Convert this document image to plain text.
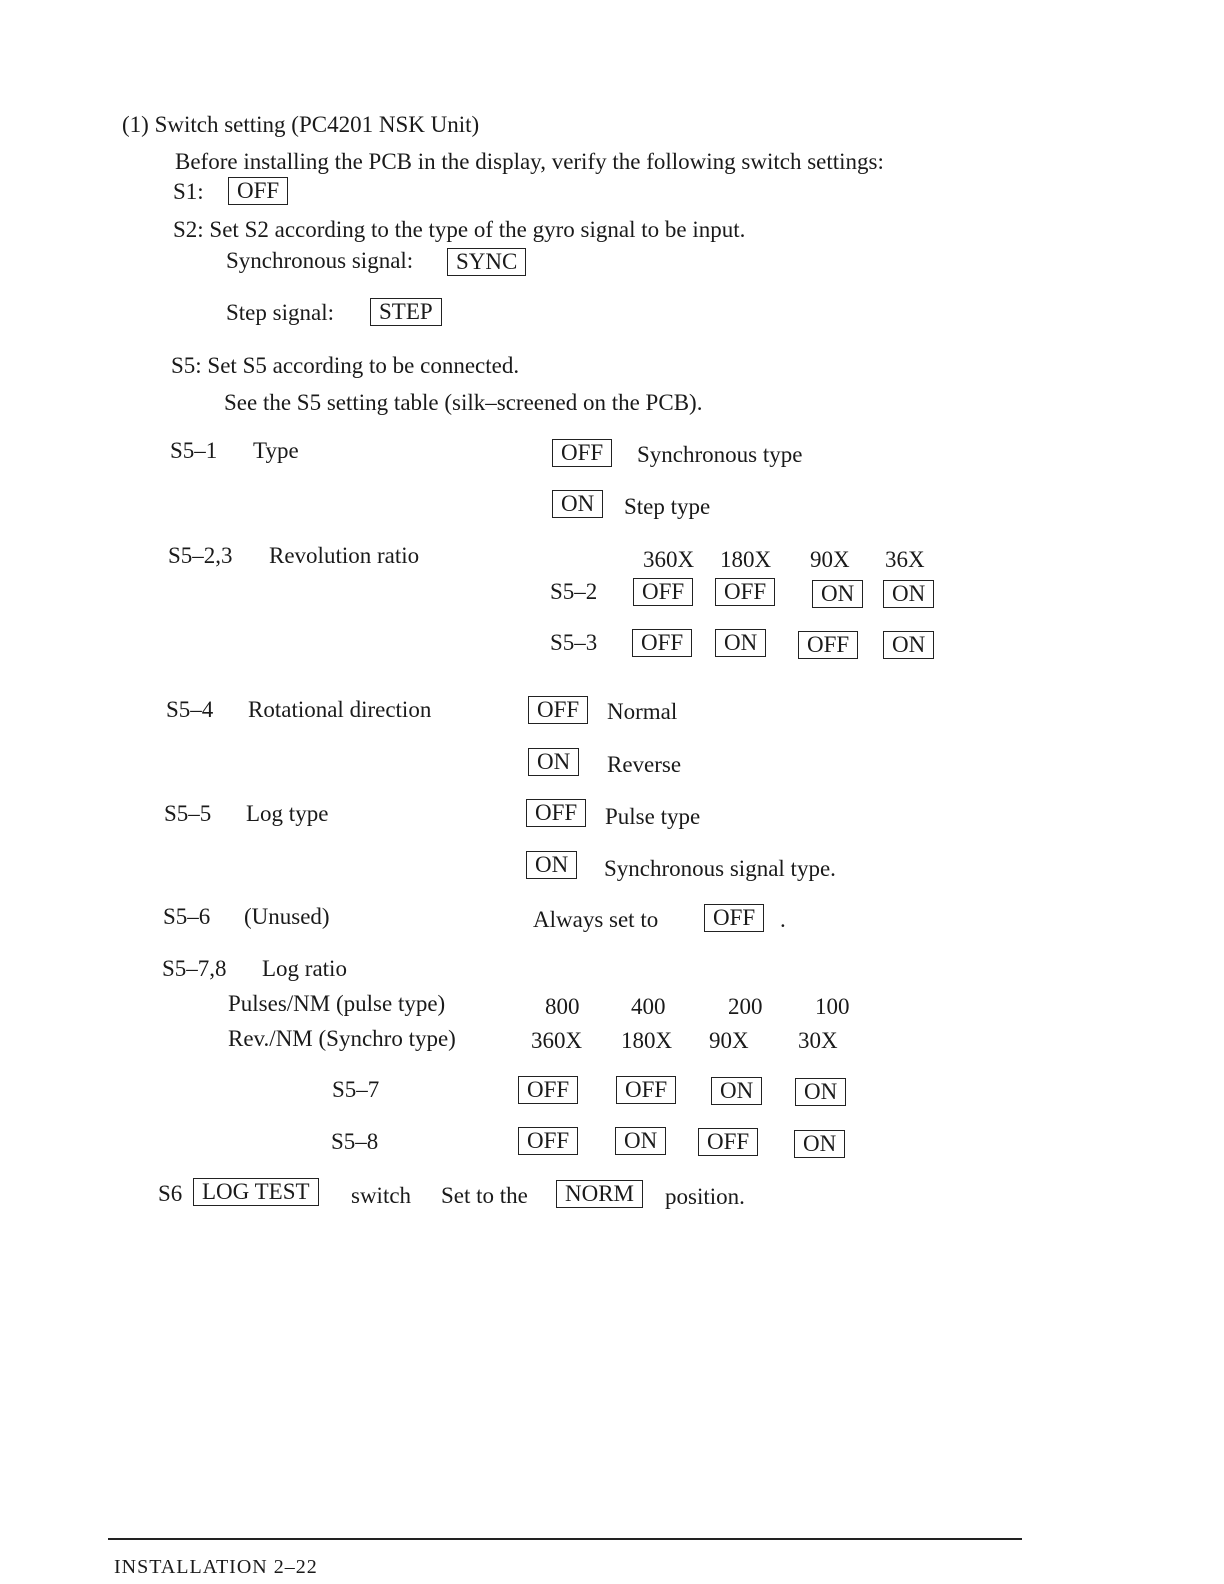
(1) Switch setting (PC4201 NSK Unit)
Before installing the PCB in the display, verify the following switch settings:
S1:	OFF
S2: Set S2 according to the type of the gyro signal to be input.
Synchronous signal:	SYNC
Step signal:	STEP
S5: Set S5 according to be connected.
See the S5 setting table (silk–screened on the PCB).
S5–1 Type	OFF	Synchronous type
ON	Step type
S5–2,3 Revolution ratio	360X 180X 90X 36X
S5–2	OFF	OFF	ON	ON
S5–3	OFF	ON	OFF	ON
S5–4 Rotational direction	OFF	Normal
ON	Reverse
S5–5 Log type	OFF	Pulse type
ON	Synchronous signal type.
S5–6 (Unused)	Always set to	OFF	.
S5–7,8 Log ratio
Pulses/NM (pulse type)	800 400	200 100
Rev./NM (Synchro type)	360X 180X 90X 30X
S5–7	OFF	OFF	ON	ON
S5–8	OFF	ON	OFF	ON
S6 LOG TEST	switch Set to the	NORM	position.
INSTALLATION 2–22
